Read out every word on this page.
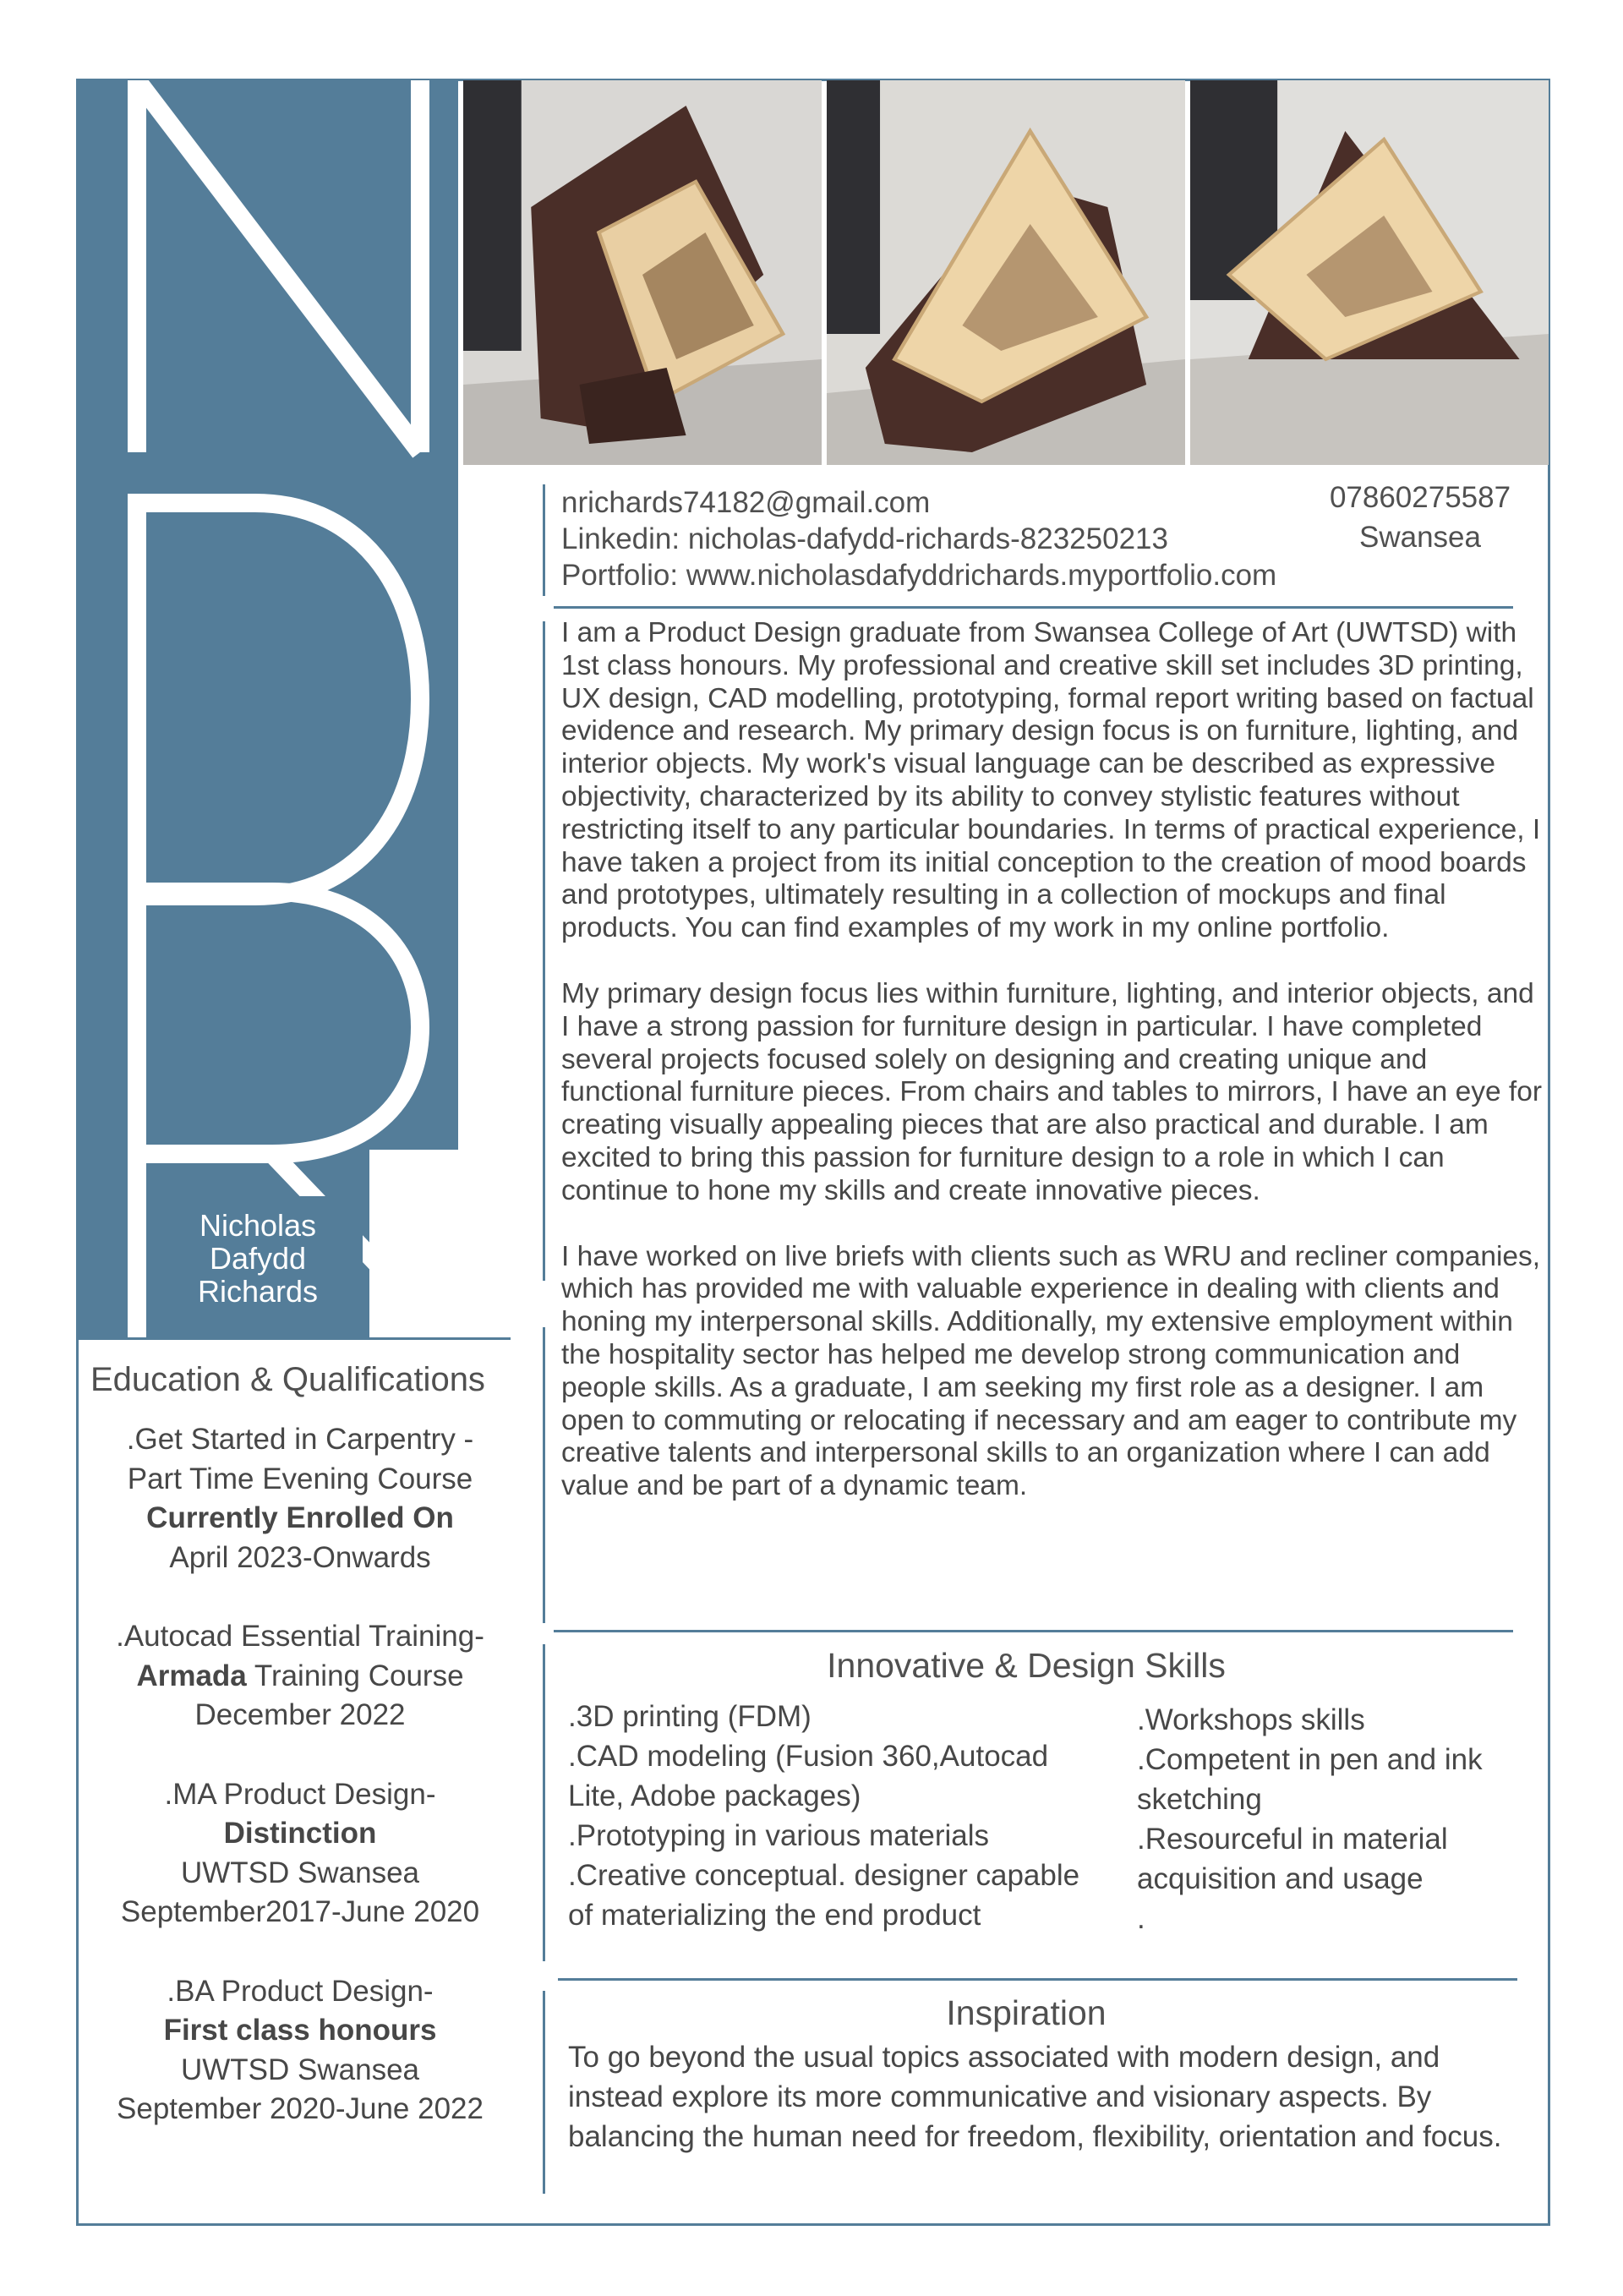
Nicholas
Dafydd
Richards
nrichards74182@gmail.com
Linkedin: nicholas-dafydd-richards-823250213
Portfolio: www.nicholasdafyddrichards.myportfolio.com
07860275587
Swansea

I am a Product Design graduate from Swansea College of Art (UWTSD) with 1st class honours. My professional and creative skill set includes 3D printing, UX design, CAD modelling, prototyping, formal report writing based on factual evidence and research. My primary design focus is on furniture, lighting, and interior objects. My work's visual language can be described as expressive objectivity, characterized by its ability to convey stylistic features without restricting itself to any particular boundaries. In terms of practical experience, I have taken a project from its initial conception to the creation of mood boards and prototypes, ultimately resulting in a collection of mockups and final products. You can find examples of my work in my online portfolio.

My primary design focus lies within furniture, lighting, and interior objects, and I have a strong passion for furniture design in particular. I have completed several projects focused solely on designing and creating unique and functional furniture pieces. From chairs and tables to mirrors, I have an eye for creating visually appealing pieces that are also practical and durable. I am excited to bring this passion for furniture design to a role in which I can continue to hone my skills and create innovative pieces.

I have worked on live briefs with clients such as WRU and recliner companies, which has provided me with valuable experience in dealing with clients and honing my interpersonal skills. Additionally, my extensive employment within the hospitality sector has helped me develop strong communication and people skills. As a graduate, I am seeking my first role as a designer. I am open to commuting or relocating if necessary and am eager to contribute my creative talents and interpersonal skills to an organization where I can add value and be part of a dynamic team.

Innovative & Design Skills

.3D printing (FDM)

.CAD modeling (Fusion 360,Autocad Lite, Adobe packages)

.Prototyping in various materials

.Creative conceptual. designer capable of materializing the end product

.Workshops skills

.Competent in pen and ink sketching

.Resourceful in material acquisition and usage

.

Inspiration
To go beyond the usual topics associated with modern design, and instead explore its more communicative and visionary aspects. By balancing the human need for freedom, flexibility, orientation and focus.
Education & Qualifications
.Get Started in Carpentry -
Part Time Evening Course
Currently Enrolled On
April 2023-Onwards
.Autocad Essential Training-
Armada Training Course
December 2022
.MA Product Design-
Distinction
UWTSD Swansea
September2017-June 2020
.BA Product Design-
First class honours
UWTSD Swansea
September 2020-June 2022
